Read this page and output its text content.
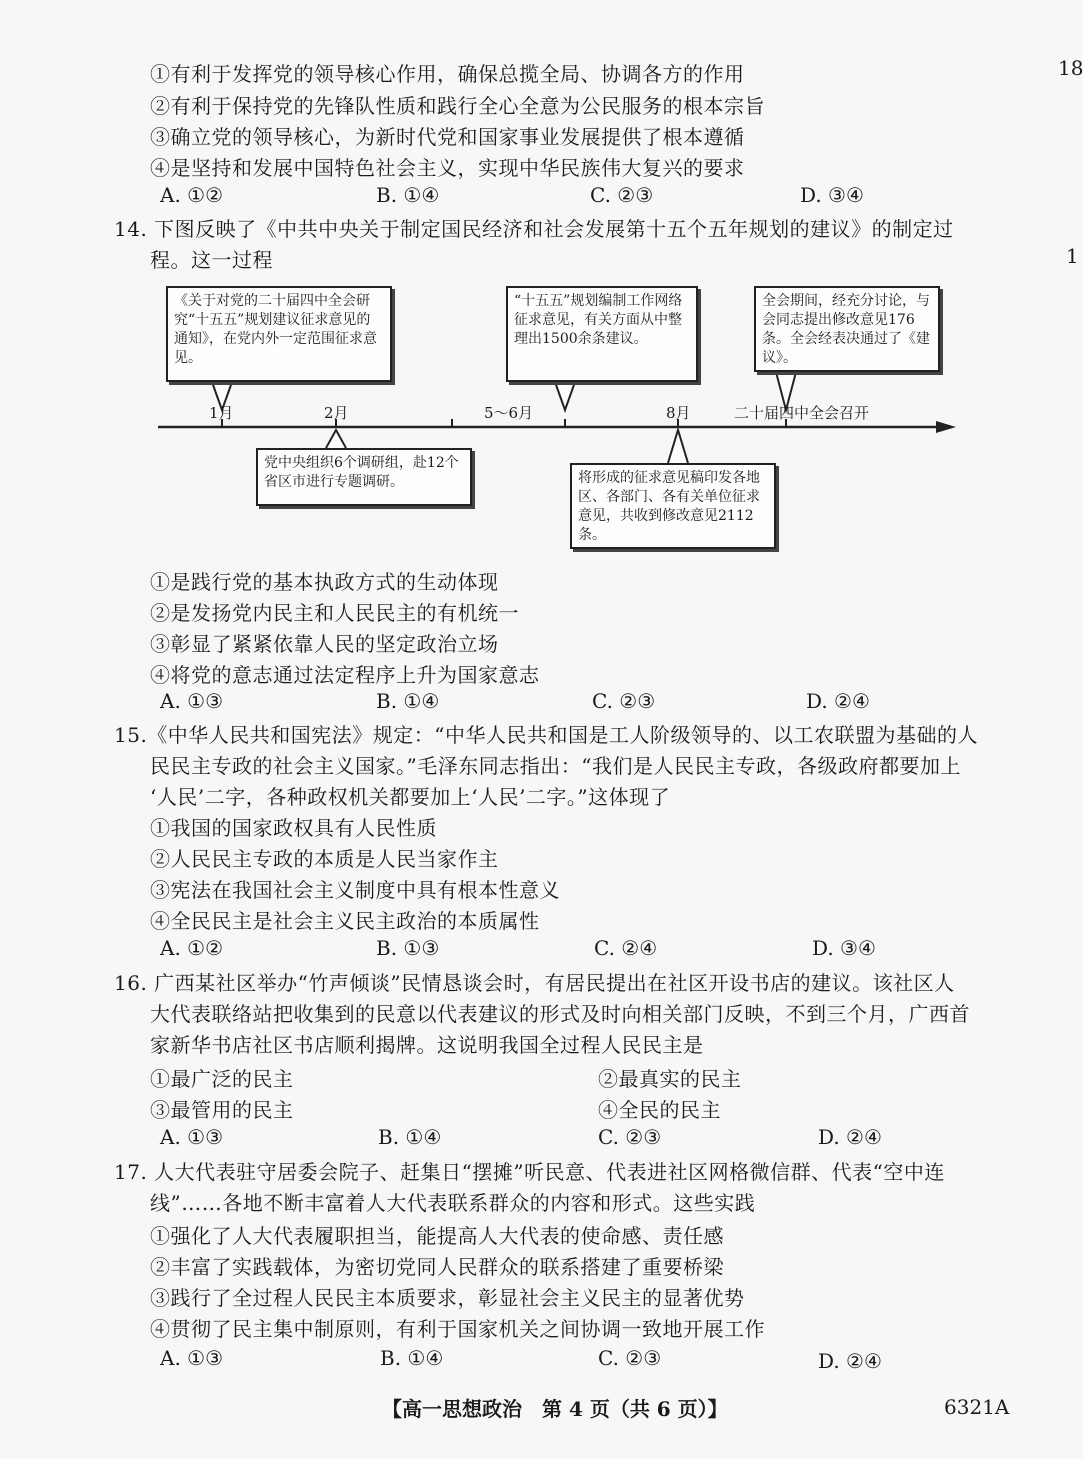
18
1
①有利于发挥党的领导核心作用，确保总揽全局、协调各方的作用
②有利于保持党的先锋队性质和践行全心全意为公民服务的根本宗旨
③确立党的领导核心，为新时代党和国家事业发展提供了根本遵循
④是坚持和发展中国特色社会主义，实现中华民族伟大复兴的要求
A. ①②	B. ①④	C. ②③	D. ③④
14. 下图反映了《中共中央关于制定国民经济和社会发展第十五个五年规划的建议》的制定过
程。这一过程
《关于对党的二十届四中全会研究“十五五”规划建议征求意见的通知》，在党内外一定范围征求意见。
“十五五”规划编制工作网络征求意见，有关方面从中整理出1500余条建议。
全会期间，经充分讨论，与会同志提出修改意见176条。全会经表决通过了《建议》。
党中央组织6个调研组，赴12个省区市进行专题调研。	将形成的征求意见稿印发各地区、各部门、各有关单位征求意见，共收到修改意见2112条。
1月	2月	5～6月	8月	二十届四中全会召开
①是践行党的基本执政方式的生动体现
②是发扬党内民主和人民民主的有机统一
③彰显了紧紧依靠人民的坚定政治立场
④将党的意志通过法定程序上升为国家意志
A. ①③	B. ①④	C. ②③	D. ②④
15.《中华人民共和国宪法》规定：“中华人民共和国是工人阶级领导的、以工农联盟为基础的人
民民主专政的社会主义国家。”毛泽东同志指出：“我们是人民民主专政，各级政府都要加上
‘人民’二字，各种政权机关都要加上‘人民’二字。”这体现了
①我国的国家政权具有人民性质
②人民民主专政的本质是人民当家作主
③宪法在我国社会主义制度中具有根本性意义
④全民民主是社会主义民主政治的本质属性
A. ①②	B. ①③	C. ②④	D. ③④
16. 广西某社区举办“竹声倾谈”民情恳谈会时，有居民提出在社区开设书店的建议。该社区人
大代表联络站把收集到的民意以代表建议的形式及时向相关部门反映，不到三个月，广西首
家新华书店社区书店顺利揭牌。这说明我国全过程人民民主是
①最广泛的民主	②最真实的民主
③最管用的民主	④全民的民主
A. ①③	B. ①④	C. ②③	D. ②④
17. 人大代表驻守居委会院子、赶集日“摆摊”听民意、代表进社区网格微信群、代表“空中连
线”……各地不断丰富着人大代表联系群众的内容和形式。这些实践
①强化了人大代表履职担当，能提高人大代表的使命感、责任感
②丰富了实践载体，为密切党同人民群众的联系搭建了重要桥梁
③践行了全过程人民民主本质要求，彰显社会主义民主的显著优势
④贯彻了民主集中制原则，有利于国家机关之间协调一致地开展工作
A. ①③	B. ①④	C. ②③	D. ②④
【高一思想政治　第 4 页（共 6 页）】	6321A
